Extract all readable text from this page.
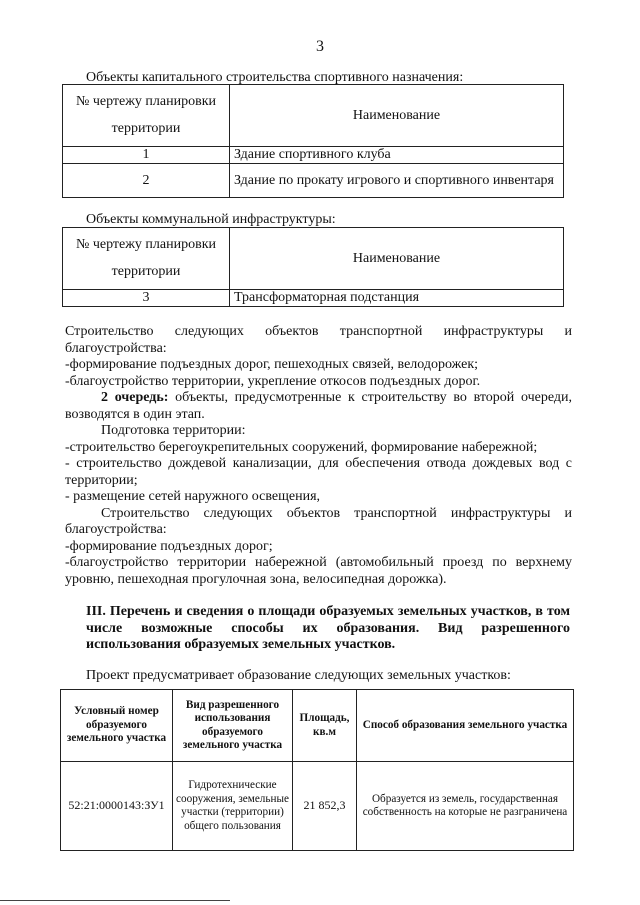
3
Объекты капитального строительства спортивного назначения:
№ чертежу планировки территории	Наименование
1	Здание спортивного клуба
2	Здание по прокату игрового и спортивного инвентаря
Объекты коммунальной инфраструктуры:
№ чертежу планировки территории	Наименование
3	Трансформаторная подстанция

Строительство следующих объектов транспортной инфраструктуры и благоустройства:

-формирование подъездных дорог, пешеходных связей, велодорожек;

-благоустройство территории, укрепление откосов подъездных дорог.

2 очередь: объекты, предусмотренные к строительству во второй очереди, возводятся в один этап.

Подготовка территории:

-строительство берегоукрепительных сооружений, формирование набережной;

- строительство дождевой канализации, для обеспечения отвода дождевых вод с территории;

- размещение сетей наружного освещения,

Строительство следующих объектов транспортной инфраструктуры и благоустройства:

-формирование подъездных дорог;

-благоустройство территории набережной (автомобильный проезд по верхнему уровню, пешеходная прогулочная зона, велосипедная дорожка).

III. Перечень и сведения о площади образуемых земельных участков, в том числе возможные способы их образования. Вид разрешенного использования образуемых земельных участков.
Проект предусматривает образование следующих земельных участков:
Условный номер образуемого земельного участка	Вид разрешенного использования образуемого земельного участка	Площадь, кв.м	Способ образования земельного участка
52:21:0000143:ЗУ1	Гидротехнические сооружения, земельные участки (территории) общего пользования	21 852,3	Образуется из земель, государственная собственность на которые не разграничена
